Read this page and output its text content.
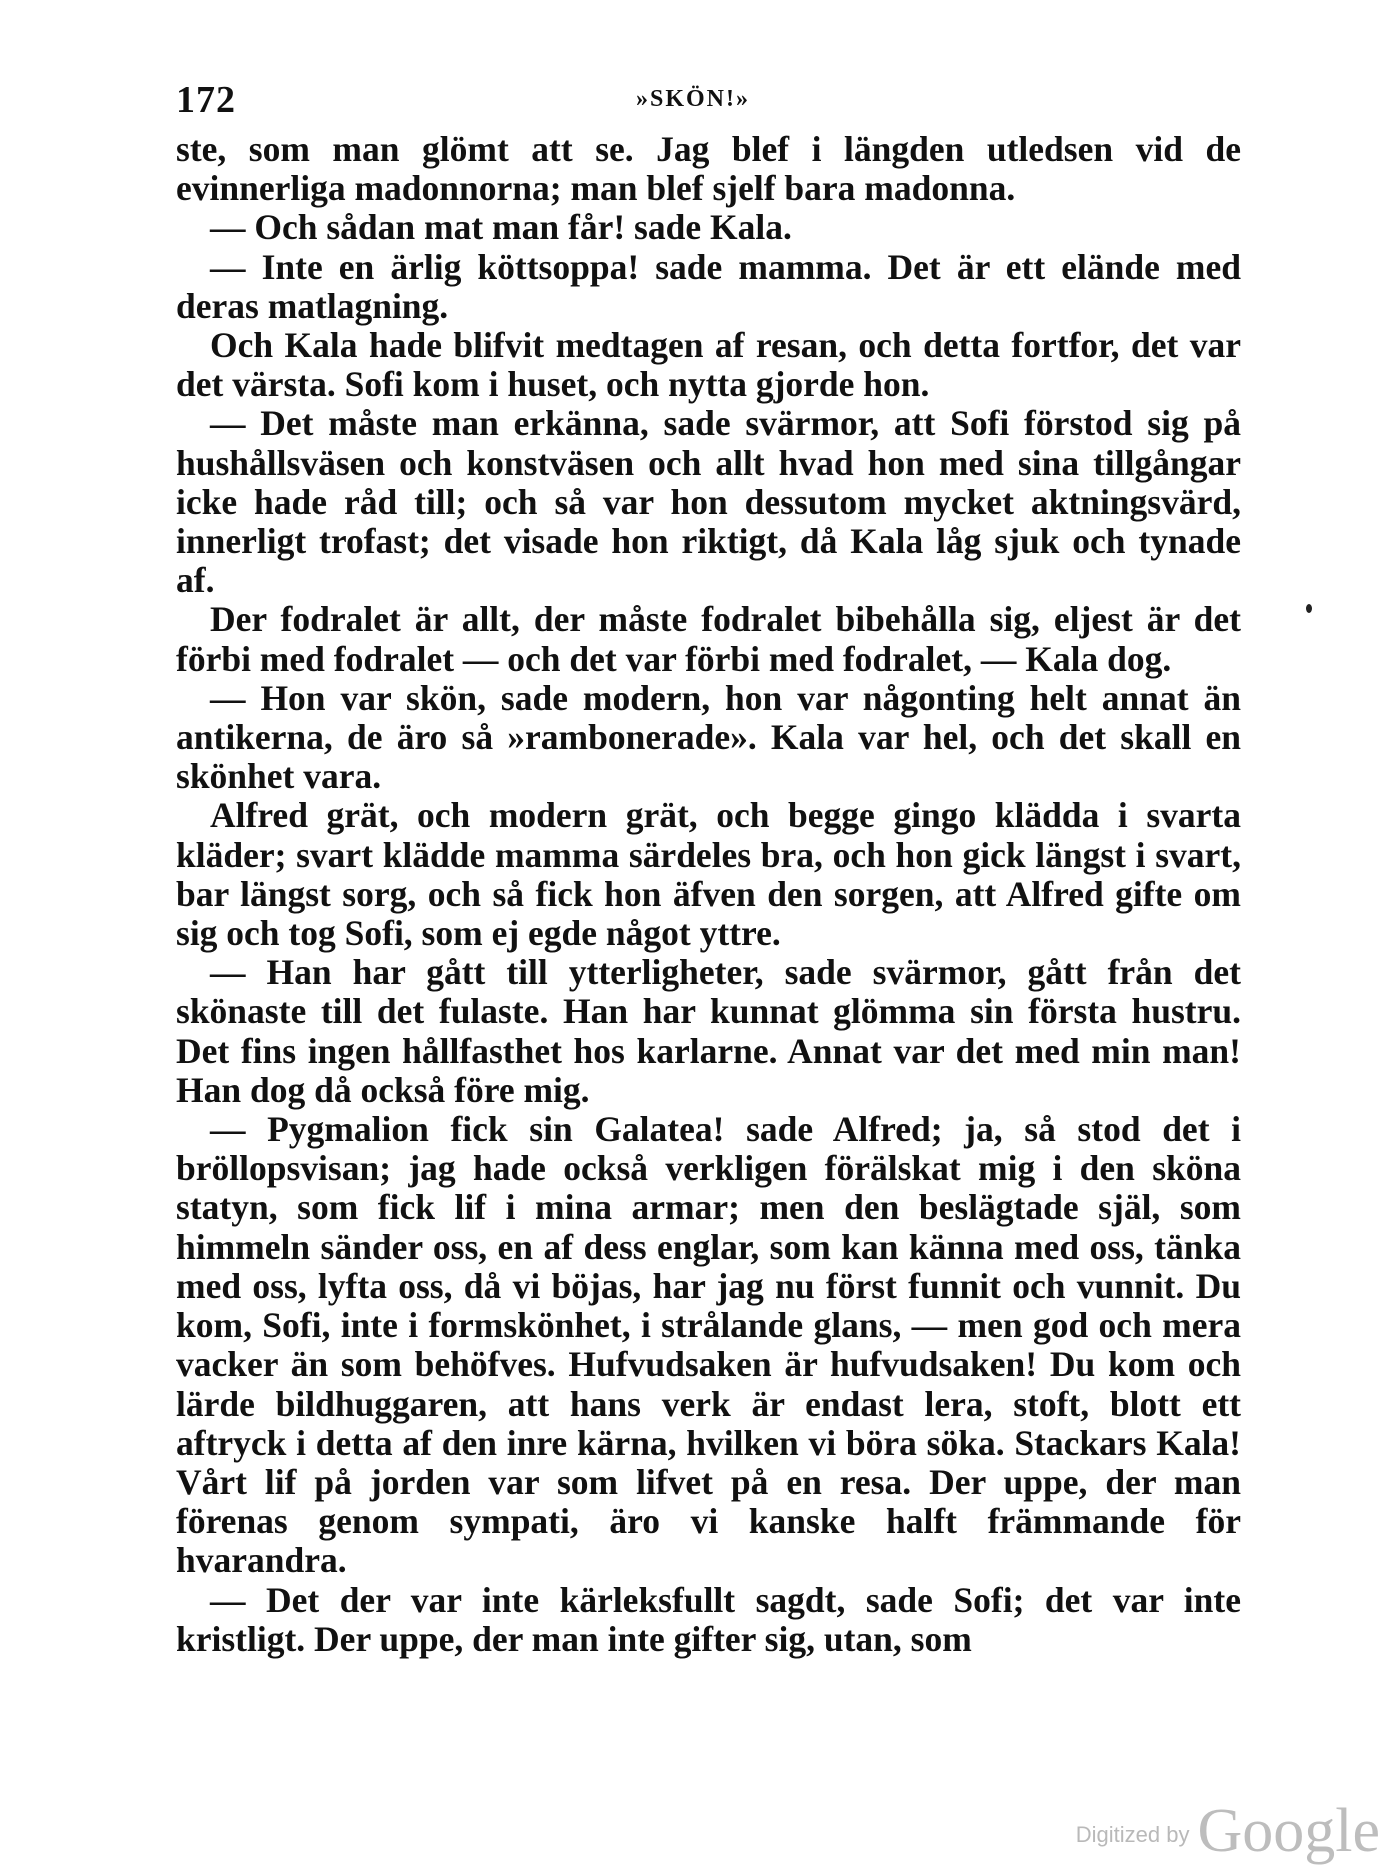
172	»SKÖN!»

ste, som man glömt att se. Jag blef i längden utledsen vid de evinnerliga madonnorna; man blef sjelf bara madonna.

— Och sådan mat man får! sade Kala.

— Inte en ärlig köttsoppa! sade mamma. Det är ett elände med deras matlagning.

Och Kala hade blifvit medtagen af resan, och detta fortfor, det var det värsta. Sofi kom i huset, och nytta gjorde hon.

— Det måste man erkänna, sade svärmor, att Sofi förstod sig på hushållsväsen och konstväsen och allt hvad hon med sina tillgångar icke hade råd till; och så var hon dessutom mycket aktningsvärd, innerligt trofast; det visade hon riktigt, då Kala låg sjuk och tynade af.

Der fodralet är allt, der måste fodralet bibehålla sig, eljest är det förbi med fodralet — och det var förbi med fodralet, — Kala dog.

— Hon var skön, sade modern, hon var någonting helt annat än antikerna, de äro så »rambonerade». Kala var hel, och det skall en skönhet vara.

Alfred grät, och modern grät, och begge gingo klädda i svarta kläder; svart klädde mamma särdeles bra, och hon gick längst i svart, bar längst sorg, och så fick hon äfven den sorgen, att Alfred gifte om sig och tog Sofi, som ej egde något yttre.

— Han har gått till ytterligheter, sade svärmor, gått från det skönaste till det fulaste. Han har kunnat glömma sin första hustru. Det fins ingen hållfasthet hos karlarne. Annat var det med min man! Han dog då också före mig.

— Pygmalion fick sin Galatea! sade Alfred; ja, så stod det i bröllopsvisan; jag hade också verkligen förälskat mig i den sköna statyn, som fick lif i mina armar; men den beslägtade själ, som himmeln sänder oss, en af dess englar, som kan känna med oss, tänka med oss, lyfta oss, då vi böjas, har jag nu först funnit och vunnit. Du kom, Sofi, inte i formskönhet, i strålande glans, — men god och mera vacker än som behöfves. Hufvudsaken är hufvudsaken! Du kom och lärde bildhuggaren, att hans verk är endast lera, stoft, blott ett aftryck i detta af den inre kärna, hvilken vi böra söka. Stackars Kala! Vårt lif på jorden var som lifvet på en resa. Der uppe, der man förenas genom sympati, äro vi kanske halft främmande för hvarandra.

— Det der var inte kärleksfullt sagdt, sade Sofi; det var inte kristligt. Der uppe, der man inte gifter sig, utan, som

Digitized by Google
